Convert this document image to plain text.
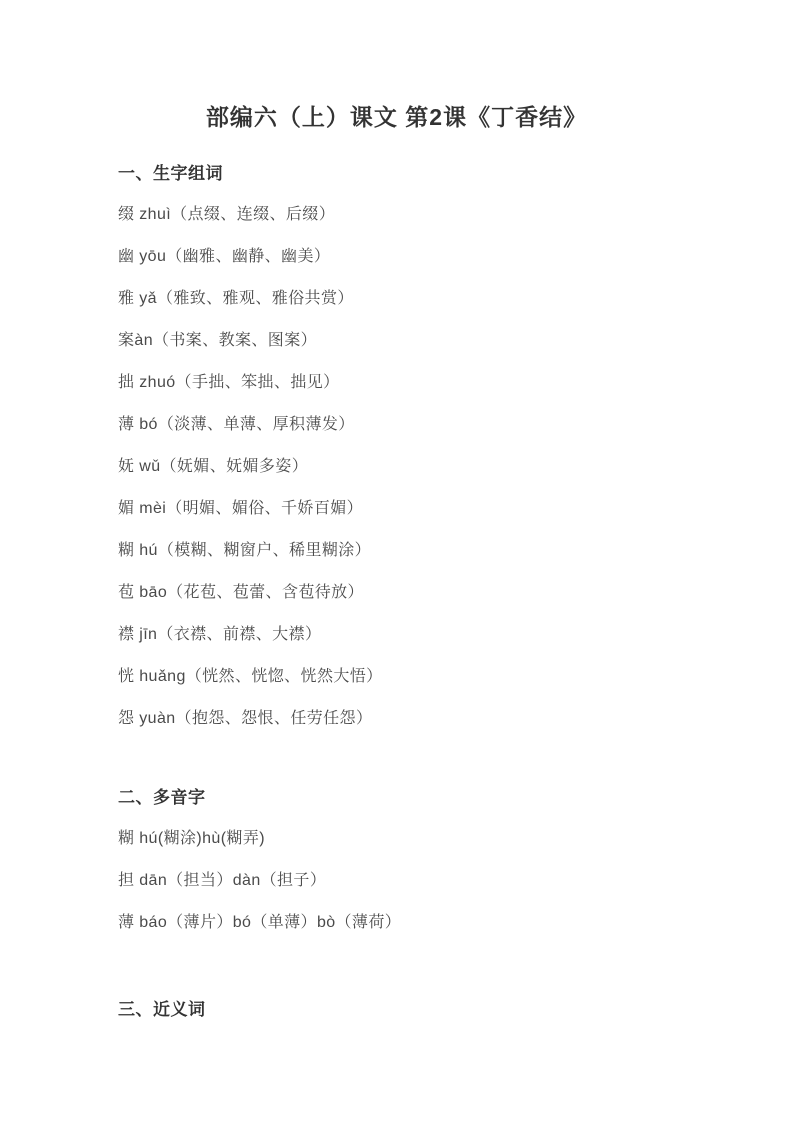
部编六（上）课文 第2课《丁香结》
一、生字组词

缀 zhuì（点缀、连缀、后缀）

幽 yōu（幽雅、幽静、幽美）

雅 yǎ（雅致、雅观、雅俗共赏）

案àn（书案、教案、图案）

拙 zhuó（手拙、笨拙、拙见）

薄 bó（淡薄、单薄、厚积薄发）

妩 wǔ（妩媚、妩媚多姿）

媚 mèi（明媚、媚俗、千娇百媚）

糊 hú（模糊、糊窗户、稀里糊涂）

苞 bāo（花苞、苞蕾、含苞待放）

襟 jīn（衣襟、前襟、大襟）

恍 huǎng（恍然、恍惚、恍然大悟）

怨 yuàn（抱怨、怨恨、任劳任怨）

二、多音字

糊 hú(糊涂)hù(糊弄)

担 dān（担当）dàn（担子）

薄 báo（薄片）bó（单薄）bò（薄荷）

三、近义词
